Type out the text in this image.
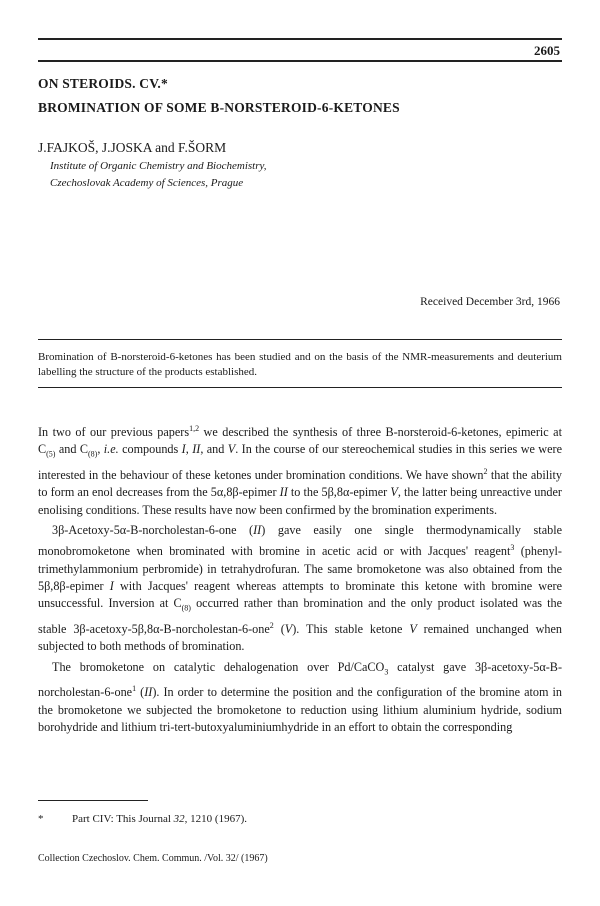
2605
ON STEROIDS. CV.*
BROMINATION OF SOME B-NORSTEROID-6-KETONES
J.FAJKOŠ, J.JOSKA and F.ŠORM
Institute of Organic Chemistry and Biochemistry,
Czechoslovak Academy of Sciences, Prague
Received December 3rd, 1966
Bromination of B-norsteroid-6-ketones has been studied and on the basis of the NMR-measurements and deuterium labelling the structure of the products established.

In two of our previous papers$^{1,2}$ we described the synthesis of three B-norsteroid-6-ketones, epimeric at $C_{(5)}$ and $C_{(8)}$, i.e. compounds I, II, and V. In the course of our stereochemical studies in this series we were interested in the behaviour of these ketones under bromination conditions. We have shown$^2$ that the ability to form an enol decreases from the 5α,8β-epimer II to the 5β,8α-epimer V, the latter being unreactive under enolising conditions. These results have now been confirmed by the bromination experiments.

3β-Acetoxy-5α-B-norcholestan-6-one (II) gave easily one single thermodynamically stable monobromoketone when brominated with bromine in acetic acid or with Jacques' reagent$^3$ (phenyl-trimethylammonium perbromide) in tetrahydrofuran. The same bromoketone was also obtained from the 5β,8β-epimer I with Jacques' reagent whereas attempts to brominate this ketone with bromine were unsuccessful. Inversion at $C_{(8)}$ occurred rather than bromination and the only product isolated was the stable 3β-acetoxy-5β,8α-B-norcholestan-6-one$^2$ (V). This stable ketone V remained unchanged when subjected to both methods of bromination.

The bromoketone on catalytic dehalogenation over Pd/CaCO$_3$ catalyst gave 3β-acetoxy-5α-B-norcholestan-6-one$^1$ (II). In order to determine the position and the configuration of the bromine atom in the bromoketone we subjected the bromoketone to reduction using lithium aluminium hydride, sodium borohydride and lithium tri-tert-butoxyaluminiumhydride in an effort to obtain the corresponding

*	Part CIV: This Journal 32, 1210 (1967).
Collection Czechoslov. Chem. Commun. /Vol. 32/ (1967)
